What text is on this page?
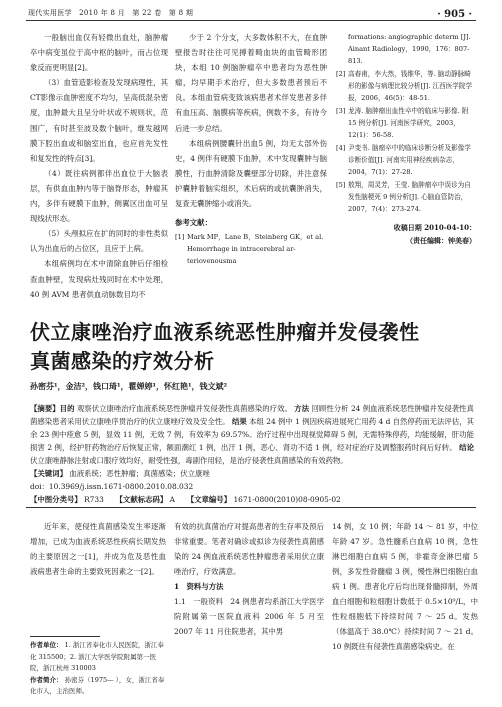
现代实用医学　2010 年 8 月　第 22 卷　第 8 期	· 905 ·

一般脑出血仅有轻微出血灶，脑肿瘤卒中病变虽位于高中枢的脑叶，而占位现象反而更明显[2]。

（3）血管造影检查及发现病理性，其CT影像示血肿密度不均匀，呈高低混杂密度，血肿最大且呈分叶状或不规则状，范围广，有时甚至波及数个脑叶，继发越网膜下腔出血或和脑室出血，也应首先发性和复发性的特点[3]。

（4）既往病例都伴出血位于大脑表层，有供血血肿内等于脑脊形态，肿瘤其内，多伴有硬膜下血肿，侧翼区出血可呈现线状形态。

（5）头颅拟应在扩的同时的非性类似认为出血后的占位区，且应于上病。

本组病例均在术中清除血肿后仔细检查血肿壁，发现病灶残同时在术中处理，40 例 AVM 患者供血动脉数目均不

少于 2 个分支，大多数体积不大，在血肿壁报告时往往可见搏着畸血块的血管畸形团块，本组 10 例脑肿瘤卒中患者均为恶性肿瘤，均早期手术治疗，但大多数患者预后不良。本组血管病变致该病患者术伴发患者多伴有血压高、脑膜病等疾病，例数不多，有待今后进一步总结。

本组病例腰囊针出血5 例，均无太部外伤史，4 例伴有硬膜下血肿，术中发现囊肿与脑膜性，行血肿清除及囊壁部分切除，并注意保护囊肿着脑实组织，术后病的或抗囊肿消失，复查无囊肿缩小或消失。

参考文献：

[1] Mark MP，Lane B，Steinberg GK，et al. Hemorrhage in intracerebral ar-teriovenousma
formations: angiographic determ [J]. Ainant Radiology，1990，176：807-813.
[2] 高春甫，李大然，钱维华，等. 脑动静脉畸形的影像与病理比较分析[J]. 江西医学院学报，2006，46(5)：48-51.
[3] 龙涛. 脑肿瘤出血性卒中的临床与影像. 附 15 例分析[J]. 河南医学研究，2003，12(1)：56-58.
[4] 尹变书. 脑瘤卒中的临床诊断分析及影像学诊断价值[J]. 河南实用神经疾病杂志，2004，7(1)：27-28.
[5] 敖翔，周灵芳，王莹. 脑肿瘤卒中误诊为自发性脑梗死 9 例分析[J]. 心脑血管防治，2007，7(4)：273-274.

收稿日期 2010-04-10：

（责任编辑：钟美春）

伏立康唑治疗血液系统恶性肿瘤并发侵袭性
真菌感染的疗效分析
孙密芬¹，金洁²，钱口琦¹，瞿婵婷¹，怀红艳¹，钱文斌²

【摘要】目的 观察伏立康唑治疗血液系统恶性肿瘤并发侵袭性真菌感染的疗效。 方法 回顾性分析 24 例血液系统恶性肿瘤并发侵袭性真菌感染患者采用伏立康唑序贯治疗的伏立康唑疗效及安全性。 结果 本组 24 例中 1 例因疾病进展死亡用药 4 d 自然停药而无法评估，其余 23 例中痊愈 5 例，显效 11 例，无效 7 例，有效率为 69.57%。治疗过程中出现视觉障碍 5 例，无需特殊停药，均能缓解，肝功能损害 2 例，经护肝药物治疗后恢复正常，额面潮红 1 例，出汗 1 例，恶心、肾功不适 1 例，经对症治疗及调整服药时间后好转。 结论 伏立康唑静脉注射或口服疗效均好，耐受性强，毒副作用轻，是治疗侵袭性真菌感染的有效药物。

【关键词】 血液系统；恶性肿瘤；真菌感染；伏立康唑

doi：10.3969/j.issn.1671-0800.2010.08.032

【中图分类号】 R733 【文献标志码】 A 【文章编号】 1671-0800(2010)08-0905-02

近年来，使侵性真菌感染发生率逐渐增加，已成为血液系统恶性疾病长期发热的主要原因之一[1]，并成为危及恶性血液病患者生命的主要致死因素之一[2]。

作者单位： 1. 浙江省奉化市人民医院，浙江奉化 315500；2. 浙江大学医学院附属第一医院，浙江杭州 310003

作者简介： 孙密芬（1975— ），女，浙江省奉化市人，主治医师。

有效的抗真菌治疗对提高患者的生存率及预后非常重要。笔者对确诊或拟诊为侵袭性真菌感染的 24 例血液系统恶性肿瘤患者采用伏立康唑治疗，疗效满意。

1　资料与方法

1.1　一般资料　24 例患者均系浙江大学医学院附属第一医院血液科 2006 年 5 月至 2007 年 11 月住院患者，其中男

14 例，女 10 例；年龄 14 ～ 81 岁，中位年龄 47 岁。急性髓系白血病 10 例，急性淋巴细胞白血病 5 例，非霍奇金淋巴瘤 5 例，多发性骨髓瘤 3 例，慢性淋巴细胞白血病 1 例。患者化疗后均出现骨髓抑制，外周血白细胞和粒细胞计数低于 0.5×10⁹/L，中性粒细胞低下持续时间 7 ～ 25 d。发热（体温高于 38.0℃）持续时间 7 ～ 21 d。10 例既往有侵袭性真菌感染病史。在
